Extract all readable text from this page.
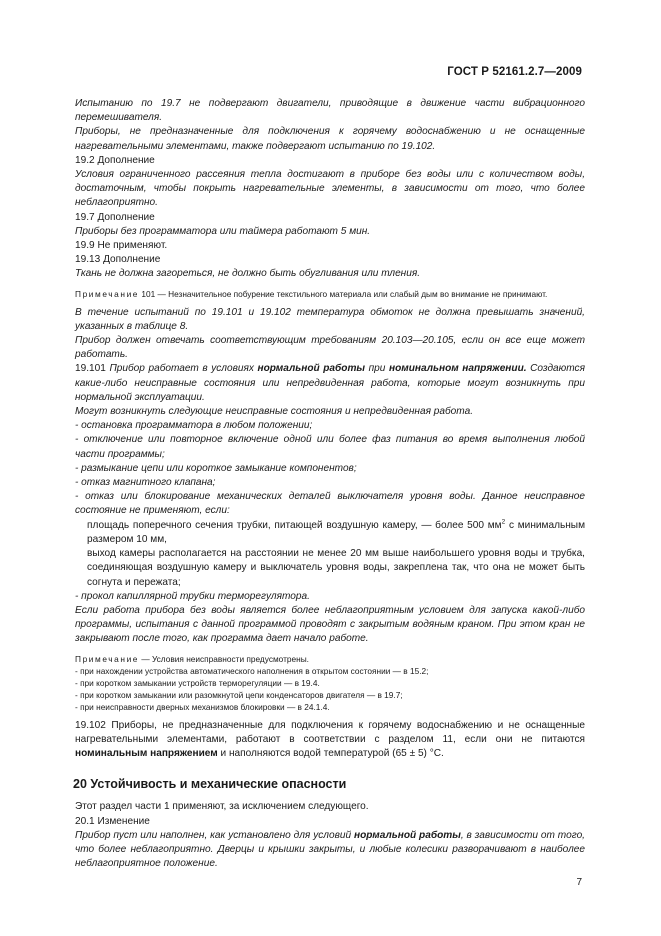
ГОСТ Р 52161.2.7—2009

Испытанию по 19.7 не подвергают двигатели, приводящие в движение части вибрационного перемешивателя.

Приборы, не предназначенные для подключения к горячему водоснабжению и не оснащенные нагревательными элементами, также подвергают испытанию по 19.102.

19.2 Дополнение

Условия ограниченного рассеяния тепла достигают в приборе без воды или с количеством воды, достаточным, чтобы покрыть нагревательные элементы, в зависимости от того, что более неблагоприятно.

19.7 Дополнение

Приборы без программатора или таймера работают 5 мин.

19.9 Не применяют.

19.13 Дополнение

Ткань не должна загореться, не должно быть обугливания или тления.

Примечание 101 — Незначительное побурение текстильного материала или слабый дым во внимание не принимают.

В течение испытаний по 19.101 и 19.102 температура обмоток не должна превышать значений, указанных в таблице 8.

Прибор должен отвечать соответствующим требованиям 20.103—20.105, если он все еще может работать.

19.101 Прибор работает в условиях нормальной работы при номинальном напряжении. Создаются какие-либо неисправные состояния или непредвиденная работа, которые могут возникнуть при нормальной эксплуатации.

Могут возникнуть следующие неисправные состояния и непредвиденная работа.

- остановка программатора в любом положении;

- отключение или повторное включение одной или более фаз питания во время выполнения любой части программы;

- размыкание цепи или короткое замыкание компонентов;

- отказ магнитного клапана;

- отказ или блокирование механических деталей выключателя уровня воды. Данное неисправное состояние не применяют, если:

площадь поперечного сечения трубки, питающей воздушную камеру, — более 500 $мм^2$ с минимальным размером 10 мм,

выход камеры располагается на расстоянии не менее 20 мм выше наибольшего уровня воды и трубка, соединяющая воздушную камеру и выключатель уровня воды, закреплена так, что она не может быть согнута и пережата;

- прокол капиллярной трубки терморегулятора.

Если работа прибора без воды является более неблагоприятным условием для запуска какой-либо программы, испытания с данной программой проводят с закрытым водяным краном. При этом кран не закрывают после того, как программа дает начало работе.

Примечание — Условия неисправности предусмотрены.
- при нахождении устройства автоматического наполнения в открытом состоянии — в 15.2;
- при коротком замыкании устройств терморегуляции — в 19.4.
- при коротком замыкании или разомкнутой цепи конденсаторов двигателя — в 19.7;
- при неисправности дверных механизмов блокировки — в 24.1.4.

19.102 Приборы, не предназначенные для подключения к горячему водоснабжению и не оснащенные нагревательными элементами, работают в соответствии с разделом 11, если они не питаются номинальным напряжением и наполняются водой температурой (65 ± 5) °С.

20 Устойчивость и механические опасности

Этот раздел части 1 применяют, за исключением следующего.

20.1 Изменение

Прибор пуст или наполнен, как установлено для условий нормальной работы, в зависимости от того, что более неблагоприятно. Дверцы и крышки закрыты, и любые колесики разворачивают в наиболее неблагоприятное положение.

7
